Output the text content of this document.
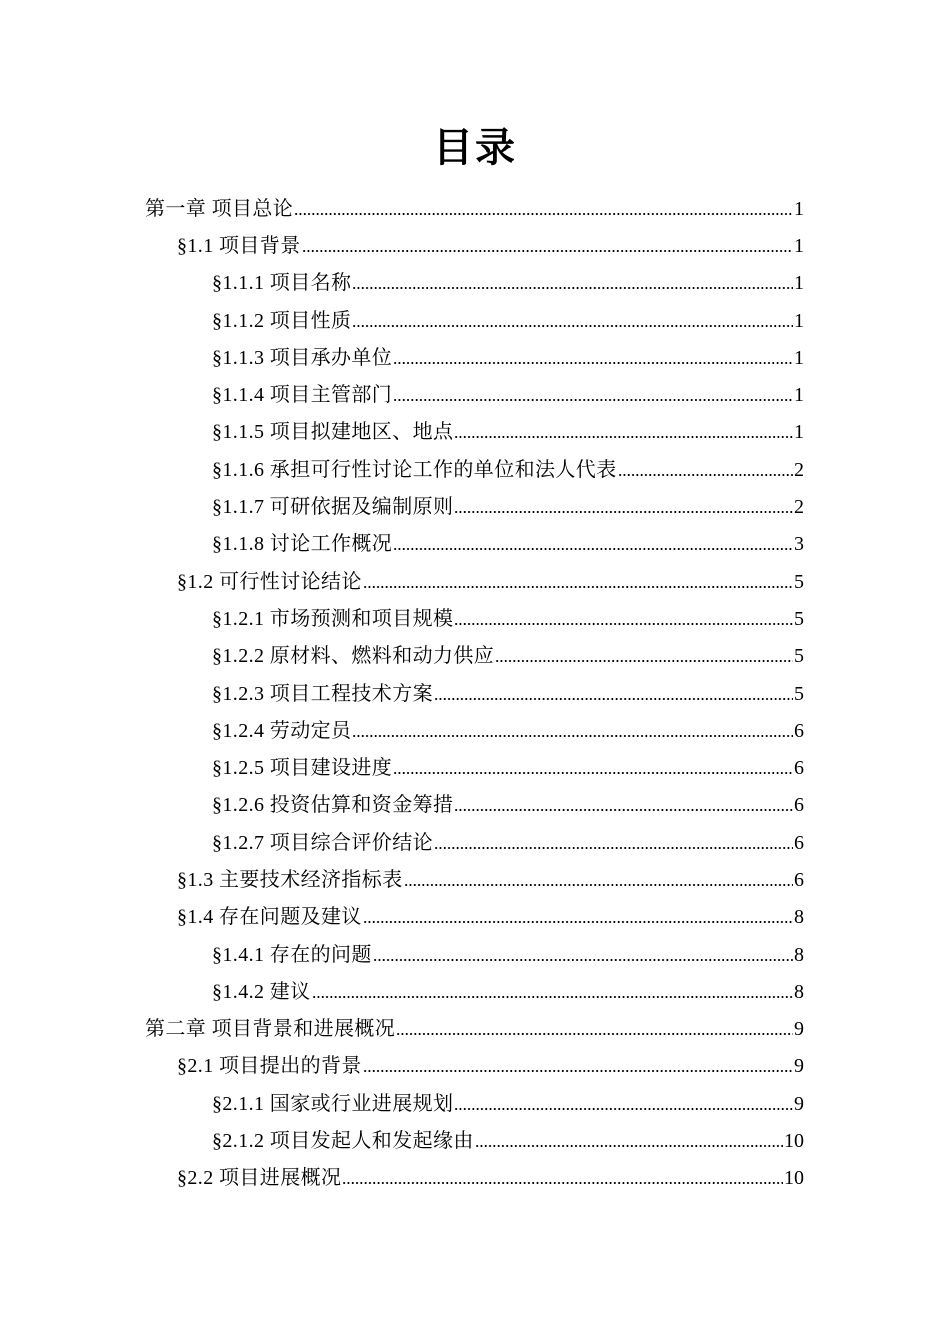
目录
第一章 项目总论	1
§1.1 项目背景	1
§1.1.1 项目名称	1
§1.1.2 项目性质	1
§1.1.3 项目承办单位	1
§1.1.4 项目主管部门	1
§1.1.5 项目拟建地区、地点	1
§1.1.6 承担可行性讨论工作的单位和法人代表	2
§1.1.7 可研依据及编制原则	2
§1.1.8 讨论工作概况	3
§1.2 可行性讨论结论	5
§1.2.1 市场预测和项目规模	5
§1.2.2 原材料、燃料和动力供应	5
§1.2.3 项目工程技术方案	5
§1.2.4 劳动定员	6
§1.2.5 项目建设进度	6
§1.2.6 投资估算和资金筹措	6
§1.2.7 项目综合评价结论	6
§1.3 主要技术经济指标表	6
§1.4 存在问题及建议	8
§1.4.1 存在的问题	8
§1.4.2 建议	8
第二章 项目背景和进展概况	9
§2.1 项目提出的背景	9
§2.1.1 国家或行业进展规划	9
§2.1.2 项目发起人和发起缘由	10
§2.2 项目进展概况	10
